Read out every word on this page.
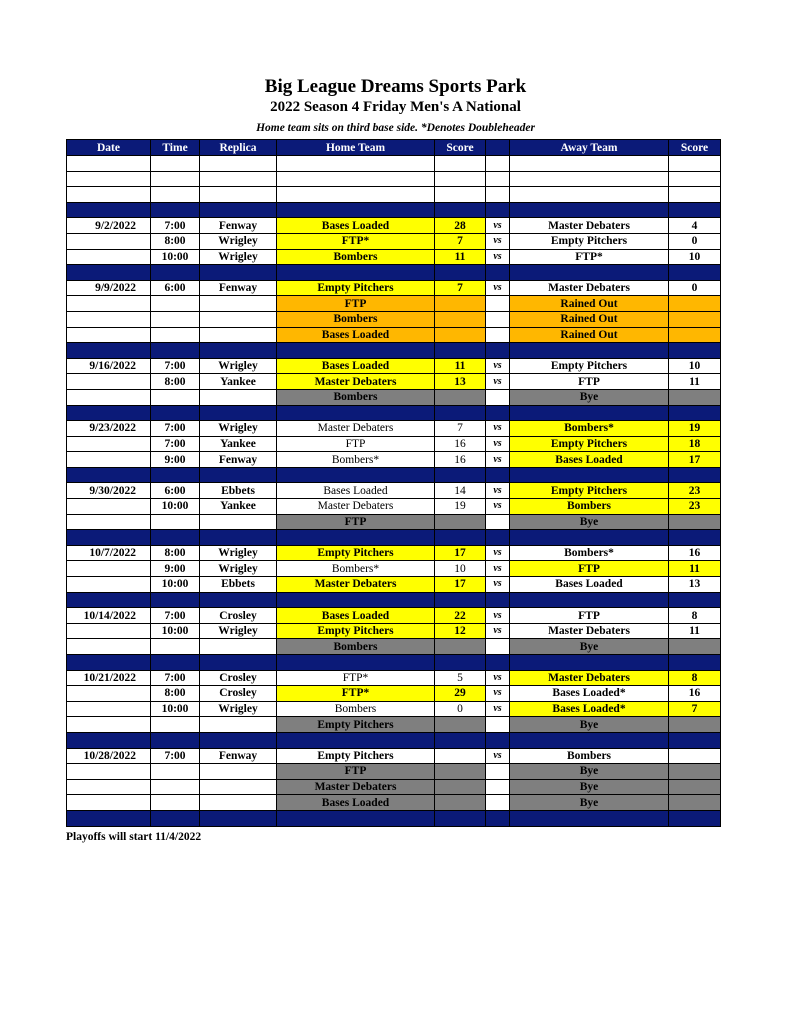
Big League Dreams Sports Park
2022 Season 4 Friday Men's A National
Home team sits on third base side. *Denotes Doubleheader
Date	Time	Replica	Home Team	Score		Away Team	Score

9/2/2022	7:00	Fenway	Bases Loaded	28	vs	Master Debaters	4
	8:00	Wrigley	FTP*	7	vs	Empty Pitchers	0
	10:00	Wrigley	Bombers	11	vs	FTP*	10

9/9/2022	6:00	Fenway	Empty Pitchers	7	vs	Master Debaters	0
			FTP			Rained Out	
			Bombers			Rained Out	
			Bases Loaded			Rained Out	

9/16/2022	7:00	Wrigley	Bases Loaded	11	vs	Empty Pitchers	10
	8:00	Yankee	Master Debaters	13	vs	FTP	11
			Bombers			Bye	

9/23/2022	7:00	Wrigley	Master Debaters	7	vs	Bombers*	19
	7:00	Yankee	FTP	16	vs	Empty Pitchers	18
	9:00	Fenway	Bombers*	16	vs	Bases Loaded	17

9/30/2022	6:00	Ebbets	Bases Loaded	14	vs	Empty Pitchers	23
	10:00	Yankee	Master Debaters	19	vs	Bombers	23
			FTP			Bye	

10/7/2022	8:00	Wrigley	Empty Pitchers	17	vs	Bombers*	16
	9:00	Wrigley	Bombers*	10	vs	FTP	11
	10:00	Ebbets	Master Debaters	17	vs	Bases Loaded	13

10/14/2022	7:00	Crosley	Bases Loaded	22	vs	FTP	8
	10:00	Wrigley	Empty Pitchers	12	vs	Master Debaters	11
			Bombers			Bye	

10/21/2022	7:00	Crosley	FTP*	5	vs	Master Debaters	8
	8:00	Crosley	FTP*	29	vs	Bases Loaded*	16
	10:00	Wrigley	Bombers	0	vs	Bases Loaded*	7
			Empty Pitchers			Bye	

10/28/2022	7:00	Fenway	Empty Pitchers		vs	Bombers	
			FTP			Bye	
			Master Debaters			Bye	
			Bases Loaded			Bye	

Playoffs will start 11/4/2022
